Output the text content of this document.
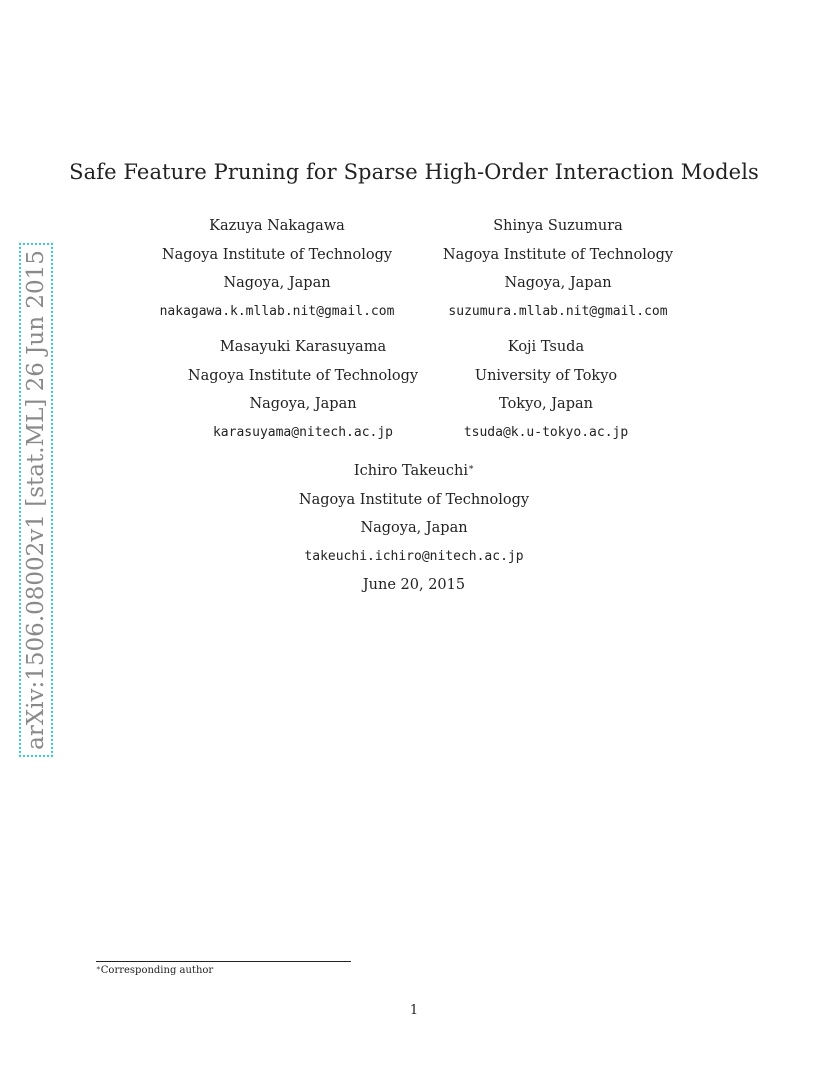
arXiv:1506.08002v1 [stat.ML] 26 Jun 2015
Safe Feature Pruning for Sparse High-Order Interaction Models
Kazuya Nakagawa
Nagoya Institute of Technology
Nagoya, Japan
nakagawa.k.mllab.nit@gmail.com
Shinya Suzumura
Nagoya Institute of Technology
Nagoya, Japan
suzumura.mllab.nit@gmail.com
Masayuki Karasuyama
Nagoya Institute of Technology
Nagoya, Japan
karasuyama@nitech.ac.jp
Koji Tsuda
University of Tokyo
Tokyo, Japan
tsuda@k.u-tokyo.ac.jp
Ichiro Takeuchi∗
Nagoya Institute of Technology
Nagoya, Japan
takeuchi.ichiro@nitech.ac.jp
June 20, 2015
∗Corresponding author
1
